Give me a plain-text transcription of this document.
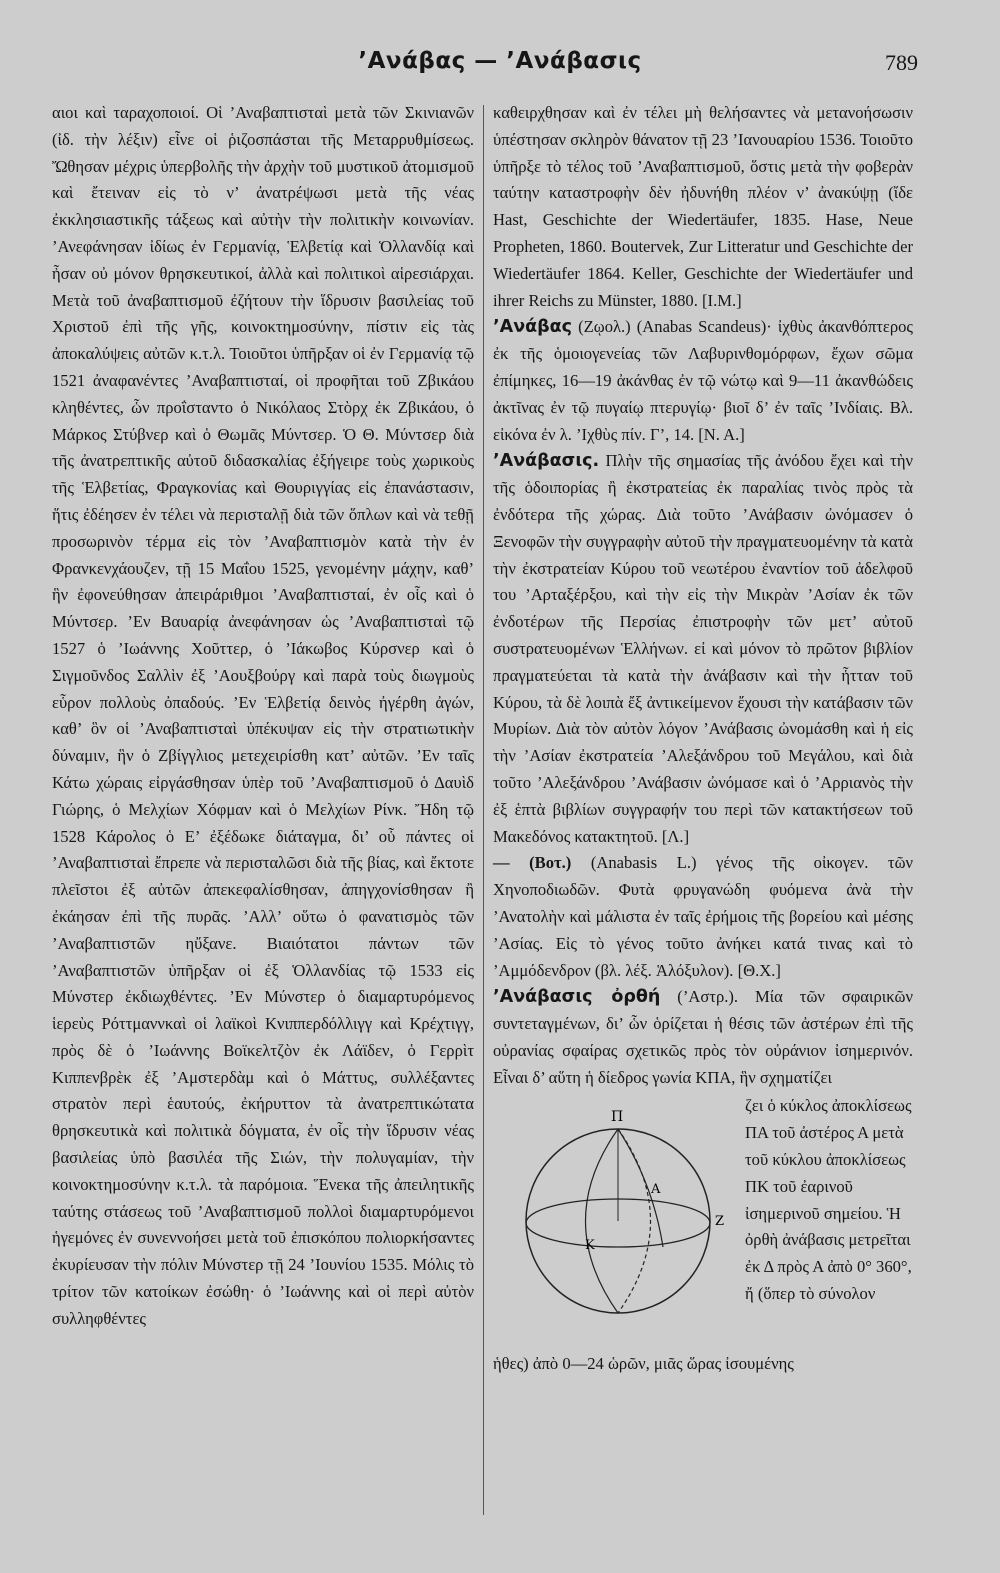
’Ανάβας — ’Ανάβασις	789

αιοι καὶ ταραχοποιοί. Οἱ ’Αναβαπτισταὶ μετὰ τῶν Σκινιανῶν (ἰδ. τὴν λέξιν) εἶνε οἱ ῥιζοσπάσται τῆς Μεταρρυθμίσεως. Ὤθησαν μέχρις ὑπερβολῆς τὴν ἀρχὴν τοῦ μυστικοῦ ἀτομισμοῦ καὶ ἔτειναν εἰς τὸ ν’ ἀνατρέψωσι μετὰ τῆς νέας ἐκκλησιαστικῆς τάξεως καὶ αὐτὴν τὴν πολιτικὴν κοινωνίαν. ’Ανεφάνησαν ἰδίως ἐν Γερμανίᾳ, Ἑλβετίᾳ καὶ Ὁλλανδίᾳ καὶ ἦσαν οὐ μόνον θρησκευτικοί, ἀλλὰ καὶ πολιτικοὶ αἱρεσιάρχαι. Μετὰ τοῦ ἀναβαπτισμοῦ ἐζήτουν τὴν ἵδρυσιν βασιλείας τοῦ Χριστοῦ ἐπὶ τῆς γῆς, κοινοκτημοσύνην, πίστιν εἰς τὰς ἀποκαλύψεις αὐτῶν κ.τ.λ. Τοιοῦτοι ὑπῆρξαν οἱ ἐν Γερμανίᾳ τῷ 1521 ἀναφανέντες ’Αναβαπτισταί, οἱ προφῆται τοῦ Ζβικάου κληθέντες, ὧν προΐσταντο ὁ Νικόλαος Στὸρχ ἐκ Ζβικάου, ὁ Μάρκος Στύβνερ καὶ ὁ Θωμᾶς Μύντσερ. Ὁ Θ. Μύντσερ διὰ τῆς ἀνατρεπτικῆς αὐτοῦ διδασκαλίας ἐξήγειρε τοὺς χωρικοὺς τῆς Ἑλβετίας, Φραγκονίας καὶ Θουριγγίας εἰς ἐπανάστασιν, ἥτις ἐδέησεν ἐν τέλει νὰ περισταλῇ διὰ τῶν ὅπλων καὶ νὰ τεθῇ προσωρινὸν τέρμα εἰς τὸν ’Αναβαπτισμὸν κατὰ τὴν ἐν Φρανκενχάουζεν, τῇ 15 Μαΐου 1525, γενομένην μάχην, καθ’ ἣν ἐφονεύθησαν ἀπειράριθμοι ’Αναβαπτισταί, ἐν οἷς καὶ ὁ Μύντσερ. ’Εν Βαυαρίᾳ ἀνεφάνησαν ὡς ’Αναβαπτισταὶ τῷ 1527 ὁ ’Ιωάννης Χοῦττερ, ὁ ’Ιάκωβος Κύρσνερ καὶ ὁ Σιγμοῦνδος Σαλλὶν ἐξ ’Αουξβούργ καὶ παρὰ τοὺς διωγμοὺς εὗρον πολλοὺς ὀπαδούς. ’Εν Ἑλβετίᾳ δεινὸς ἠγέρθη ἀγών, καθ’ ὃν οἱ ’Αναβαπτισταὶ ὑπέκυψαν εἰς τὴν στρατιωτικὴν δύναμιν, ἣν ὁ Ζβίγγλιος μετεχειρίσθη κατ’ αὐτῶν. ’Εν ταῖς Κάτω χώραις εἰργάσθησαν ὑπὲρ τοῦ ’Αναβαπτισμοῦ ὁ Δαυὶδ Γιώρης, ὁ Μελχίων Χόφμαν καὶ ὁ Μελχίων Ρίνκ. Ἤδη τῷ 1528 Κάρολος ὁ Ε’ ἐξέδωκε διάταγμα, δι’ οὗ πάντες οἱ ’Αναβαπτισταὶ ἔπρεπε νὰ περισταλῶσι διὰ τῆς βίας, καὶ ἔκτοτε πλεῖστοι ἐξ αὐτῶν ἀπεκεφαλίσθησαν, ἀπηγχονίσθησαν ἢ ἐκάησαν ἐπὶ τῆς πυρᾶς. ’Αλλ’ οὕτω ὁ φανατισμὸς τῶν ’Αναβαπτιστῶν ηὔξανε. Βιαιότατοι πάντων τῶν ’Αναβαπτιστῶν ὑπῆρξαν οἱ ἐξ Ὁλλανδίας τῷ 1533 εἰς Μύνστερ ἐκδιωχθέντες. ’Εν Μύνστερ ὁ διαμαρτυρόμενος ἱερεὺς Ρόττμαννκαὶ οἱ λαϊκοὶ Κνιππερδόλλιγγ καὶ Κρέχτιγγ, πρὸς δὲ ὁ ’Ιωάννης Βοϊκελτζὸν ἐκ Λάϊδεν, ὁ Γερρὶτ Κιππενβρὲκ ἐξ ’Αμστερδὰμ καὶ ὁ Μάττυς, συλλέξαντες στρατὸν περὶ ἑαυτούς, ἐκήρυττον τὰ ἀνατρεπτικώτατα θρησκευτικὰ καὶ πολιτικὰ δόγματα, ἐν οἷς τὴν ἵδρυσιν νέας βασιλείας ὑπὸ βασιλέα τῆς Σιών, τὴν πολυγαμίαν, τὴν κοινοκτημοσύνην κ.τ.λ. τὰ παρόμοια. Ἕνεκα τῆς ἀπειλητικῆς ταύτης στάσεως τοῦ ’Αναβαπτισμοῦ πολλοὶ διαμαρτυρόμενοι ἡγεμόνες ἐν συνεννοήσει μετὰ τοῦ ἐπισκόπου πολιορκήσαντες ἐκυρίευσαν τὴν πόλιν Μύνστερ τῇ 24 ’Ιουνίου 1535. Μόλις τὸ τρίτον τῶν κατοίκων ἐσώθη· ὁ ’Ιωάννης καὶ οἱ περὶ αὐτὸν συλληφθέντες

καθειρχθησαν καὶ ἐν τέλει μὴ θελήσαντες νὰ μετανοήσωσιν ὑπέστησαν σκληρὸν θάνατον τῇ 23 ’Ιανουαρίου 1536. Τοιοῦτο ὑπῆρξε τὸ τέλος τοῦ ’Αναβαπτισμοῦ, ὅστις μετὰ τὴν φοβερὰν ταύτην καταστροφὴν δὲν ἠδυνήθη πλέον ν’ ἀνακύψῃ (ἴδε Hast, Geschichte der Wiedertäufer, 1835. Hase, Neue Propheten, 1860. Boutervek, Zur Litteratur und Geschichte der Wiedertäufer 1864. Keller, Geschichte der Wiedertäufer und ihrer Reichs zu Münster, 1880. [I.M.]

’Ανάβας (Ζῳολ.) (Anabas Scandeus)· ἰχθὺς ἀκανθόπτερος ἐκ τῆς ὁμοιογενείας τῶν Λαβυρινθομόρφων, ἔχων σῶμα ἐπίμηκες, 16—19 ἀκάνθας ἐν τῷ νώτῳ καὶ 9—11 ἀκανθώδεις ἀκτῖνας ἐν τῷ πυγαίῳ πτερυγίῳ· βιοῖ δ’ ἐν ταῖς ’Ινδίαις. Βλ. εἰκόνα ἐν λ. ’Ιχθὺς πίν. Γ’, 14. [Ν. Α.]

’Ανάβασις. Πλὴν τῆς σημασίας τῆς ἀνόδου ἔχει καὶ τὴν τῆς ὁδοιπορίας ἢ ἐκστρατείας ἐκ παραλίας τινὸς πρὸς τὰ ἐνδότερα τῆς χώρας. Διὰ τοῦτο ’Ανάβασιν ὠνόμασεν ὁ Ξενοφῶν τὴν συγγραφὴν αὐτοῦ τὴν πραγματευομένην τὰ κατὰ τὴν ἐκστρατείαν Κύρου τοῦ νεωτέρου ἐναντίον τοῦ ἀδελφοῦ του ’Αρταξέρξου, καὶ τὴν εἰς τὴν Μικρὰν ’Ασίαν ἐκ τῶν ἐνδοτέρων τῆς Περσίας ἐπιστροφὴν τῶν μετ’ αὐτοῦ συστρατευομένων Ἑλλήνων. εἰ καὶ μόνον τὸ πρῶτον βιβλίον πραγματεύεται τὰ κατὰ τὴν ἀνάβασιν καὶ τὴν ἧτταν τοῦ Κύρου, τὰ δὲ λοιπὰ ἔξ ἀντικείμενον ἔχουσι τὴν κατάβασιν τῶν Μυρίων. Διὰ τὸν αὐτὸν λόγον ’Ανάβασις ὠνομάσθη καὶ ἡ εἰς τὴν ’Ασίαν ἐκστρατεία ’Αλεξάνδρου τοῦ Μεγάλου, καὶ διὰ τοῦτο ’Αλεξάνδρου ’Ανάβασιν ὠνόμασε καὶ ὁ ’Αρριανὸς τὴν ἐξ ἑπτὰ βιβλίων συγγραφήν του περὶ τῶν κατακτήσεων τοῦ Μακεδόνος κατακτητοῦ. [Λ.]

— (Βοτ.) (Anabasis L.) γένος τῆς οἰκογεν. τῶν Χηνοποδιωδῶν. Φυτὰ φρυγανώδη φυόμενα ἀνὰ τὴν ’Ανατολὴν καὶ μάλιστα ἐν ταῖς ἐρήμοις τῆς βορείου καὶ μέσης ’Ασίας. Εἰς τὸ γένος τοῦτο ἀνήκει κατά τινας καὶ τὸ ’Αμμόδενδρον (βλ. λέξ. Ἁλόξυλον). [Θ.Χ.]

’Ανάβασις ὀρθή (’Αστρ.). Μία τῶν σφαιρικῶν συντεταγμένων, δι’ ὧν ὁρίζεται ἡ θέσις τῶν ἀστέρων ἐπὶ τῆς οὐρανίας σφαίρας σχετικῶς πρὸς τὸν οὐράνιον ἰσημερινόν. Εἶναι δ’ αὕτη ἡ δίεδρος γωνία ΚΠΑ, ἣν σχηματίζει

Π
Α
Z
K
ζει ὁ κύκλος ἀποκλίσεως ΠΑ τοῦ ἀστέρος Α μετὰ τοῦ κύκλου ἀποκλίσεως ΠΚ τοῦ ἐαρινοῦ ἰσημερινοῦ σημείου. Ἡ ὀρθὴ ἀνάβασις μετρεῖται ἐκ Δ πρὸς Α ἀπὸ 0° 360°, ἤ (ὅπερ τὸ σύνολον

ἡθες) ἀπὸ 0—24 ὡρῶν, μιᾶς ὥρας ἰσουμένης
